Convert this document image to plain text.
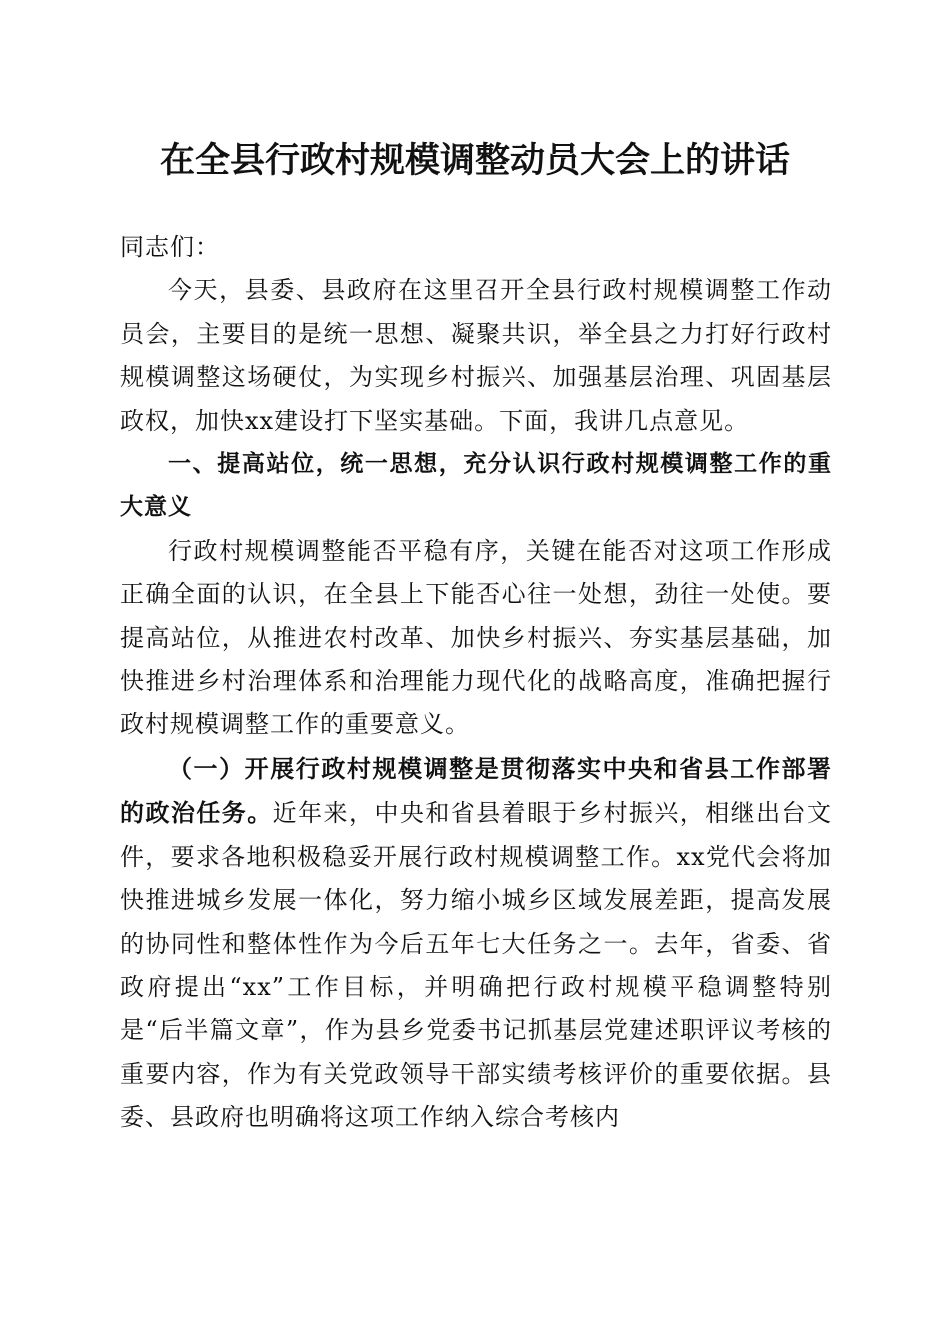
在全县行政村规模调整动员大会上的讲话

同志们：

今天，县委、县政府在这里召开全县行政村规模调整工作动员会，主要目的是统一思想、凝聚共识，举全县之力打好行政村规模调整这场硬仗，为实现乡村振兴、加强基层治理、巩固基层政权，加快xx建设打下坚实基础。下面，我讲几点意见。

一、提高站位，统一思想，充分认识行政村规模调整工作的重大意义

行政村规模调整能否平稳有序，关键在能否对这项工作形成正确全面的认识，在全县上下能否心往一处想，劲往一处使。要提高站位，从推进农村改革、加快乡村振兴、夯实基层基础，加快推进乡村治理体系和治理能力现代化的战略高度，准确把握行政村规模调整工作的重要意义。

（一）开展行政村规模调整是贯彻落实中央和省县工作部署的政治任务。近年来，中央和省县着眼于乡村振兴，相继出台文件，要求各地积极稳妥开展行政村规模调整工作。xx党代会将加快推进城乡发展一体化，努力缩小城乡区域发展差距，提高发展的协同性和整体性作为今后五年七大任务之一。去年，省委、省政府提出“xx”工作目标，并明确把行政村规模平稳调整特别是“后半篇文章”，作为县乡党委书记抓基层党建述职评议考核的重要内容，作为有关党政领导干部实绩考核评价的重要依据。县委、县政府也明确将这项工作纳入综合考核内
